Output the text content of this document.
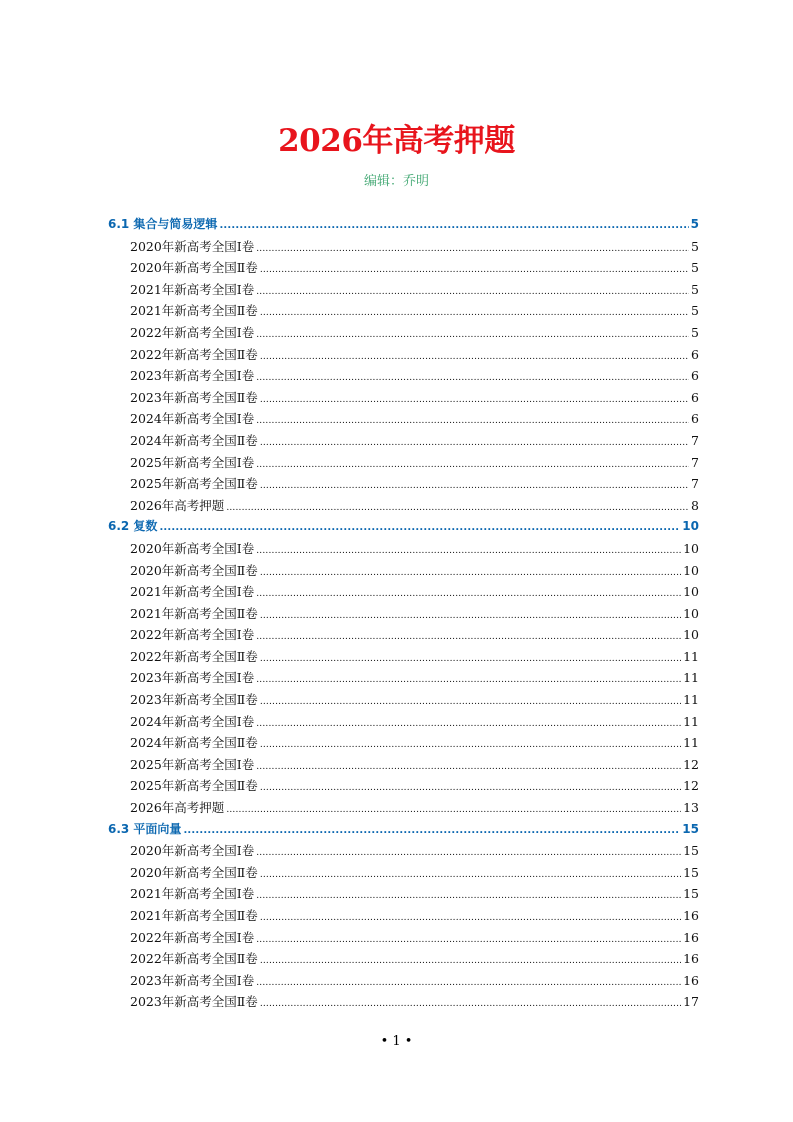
2026年高考押题
编辑：乔明
6.1 集合与简易逻辑 .....	5
2020年新高考全国Ⅰ卷 .....	5
2020年新高考全国Ⅱ卷 .....	5
2021年新高考全国Ⅰ卷 .....	5
2021年新高考全国Ⅱ卷 .....	5
2022年新高考全国Ⅰ卷 .....	5
2022年新高考全国Ⅱ卷 .....	6
2023年新高考全国Ⅰ卷 .....	6
2023年新高考全国Ⅱ卷 .....	6
2024年新高考全国Ⅰ卷 .....	6
2024年新高考全国Ⅱ卷 .....	7
2025年新高考全国Ⅰ卷 .....	7
2025年新高考全国Ⅱ卷 .....	7
2026年高考押题 .....	8
6.2 复数 .....	10
2020年新高考全国Ⅰ卷 .....	10
2020年新高考全国Ⅱ卷 .....	10
2021年新高考全国Ⅰ卷 .....	10
2021年新高考全国Ⅱ卷 .....	10
2022年新高考全国Ⅰ卷 .....	10
2022年新高考全国Ⅱ卷 .....	11
2023年新高考全国Ⅰ卷 .....	11
2023年新高考全国Ⅱ卷 .....	11
2024年新高考全国Ⅰ卷 .....	11
2024年新高考全国Ⅱ卷 .....	11
2025年新高考全国Ⅰ卷 .....	12
2025年新高考全国Ⅱ卷 .....	12
2026年高考押题 .....	13
6.3 平面向量 .....	15
2020年新高考全国Ⅰ卷 .....	15
2020年新高考全国Ⅱ卷 .....	15
2021年新高考全国Ⅰ卷 .....	15
2021年新高考全国Ⅱ卷 .....	16
2022年新高考全国Ⅰ卷 .....	16
2022年新高考全国Ⅱ卷 .....	16
2023年新高考全国Ⅰ卷 .....	16
2023年新高考全国Ⅱ卷 .....	17
• 1 •
